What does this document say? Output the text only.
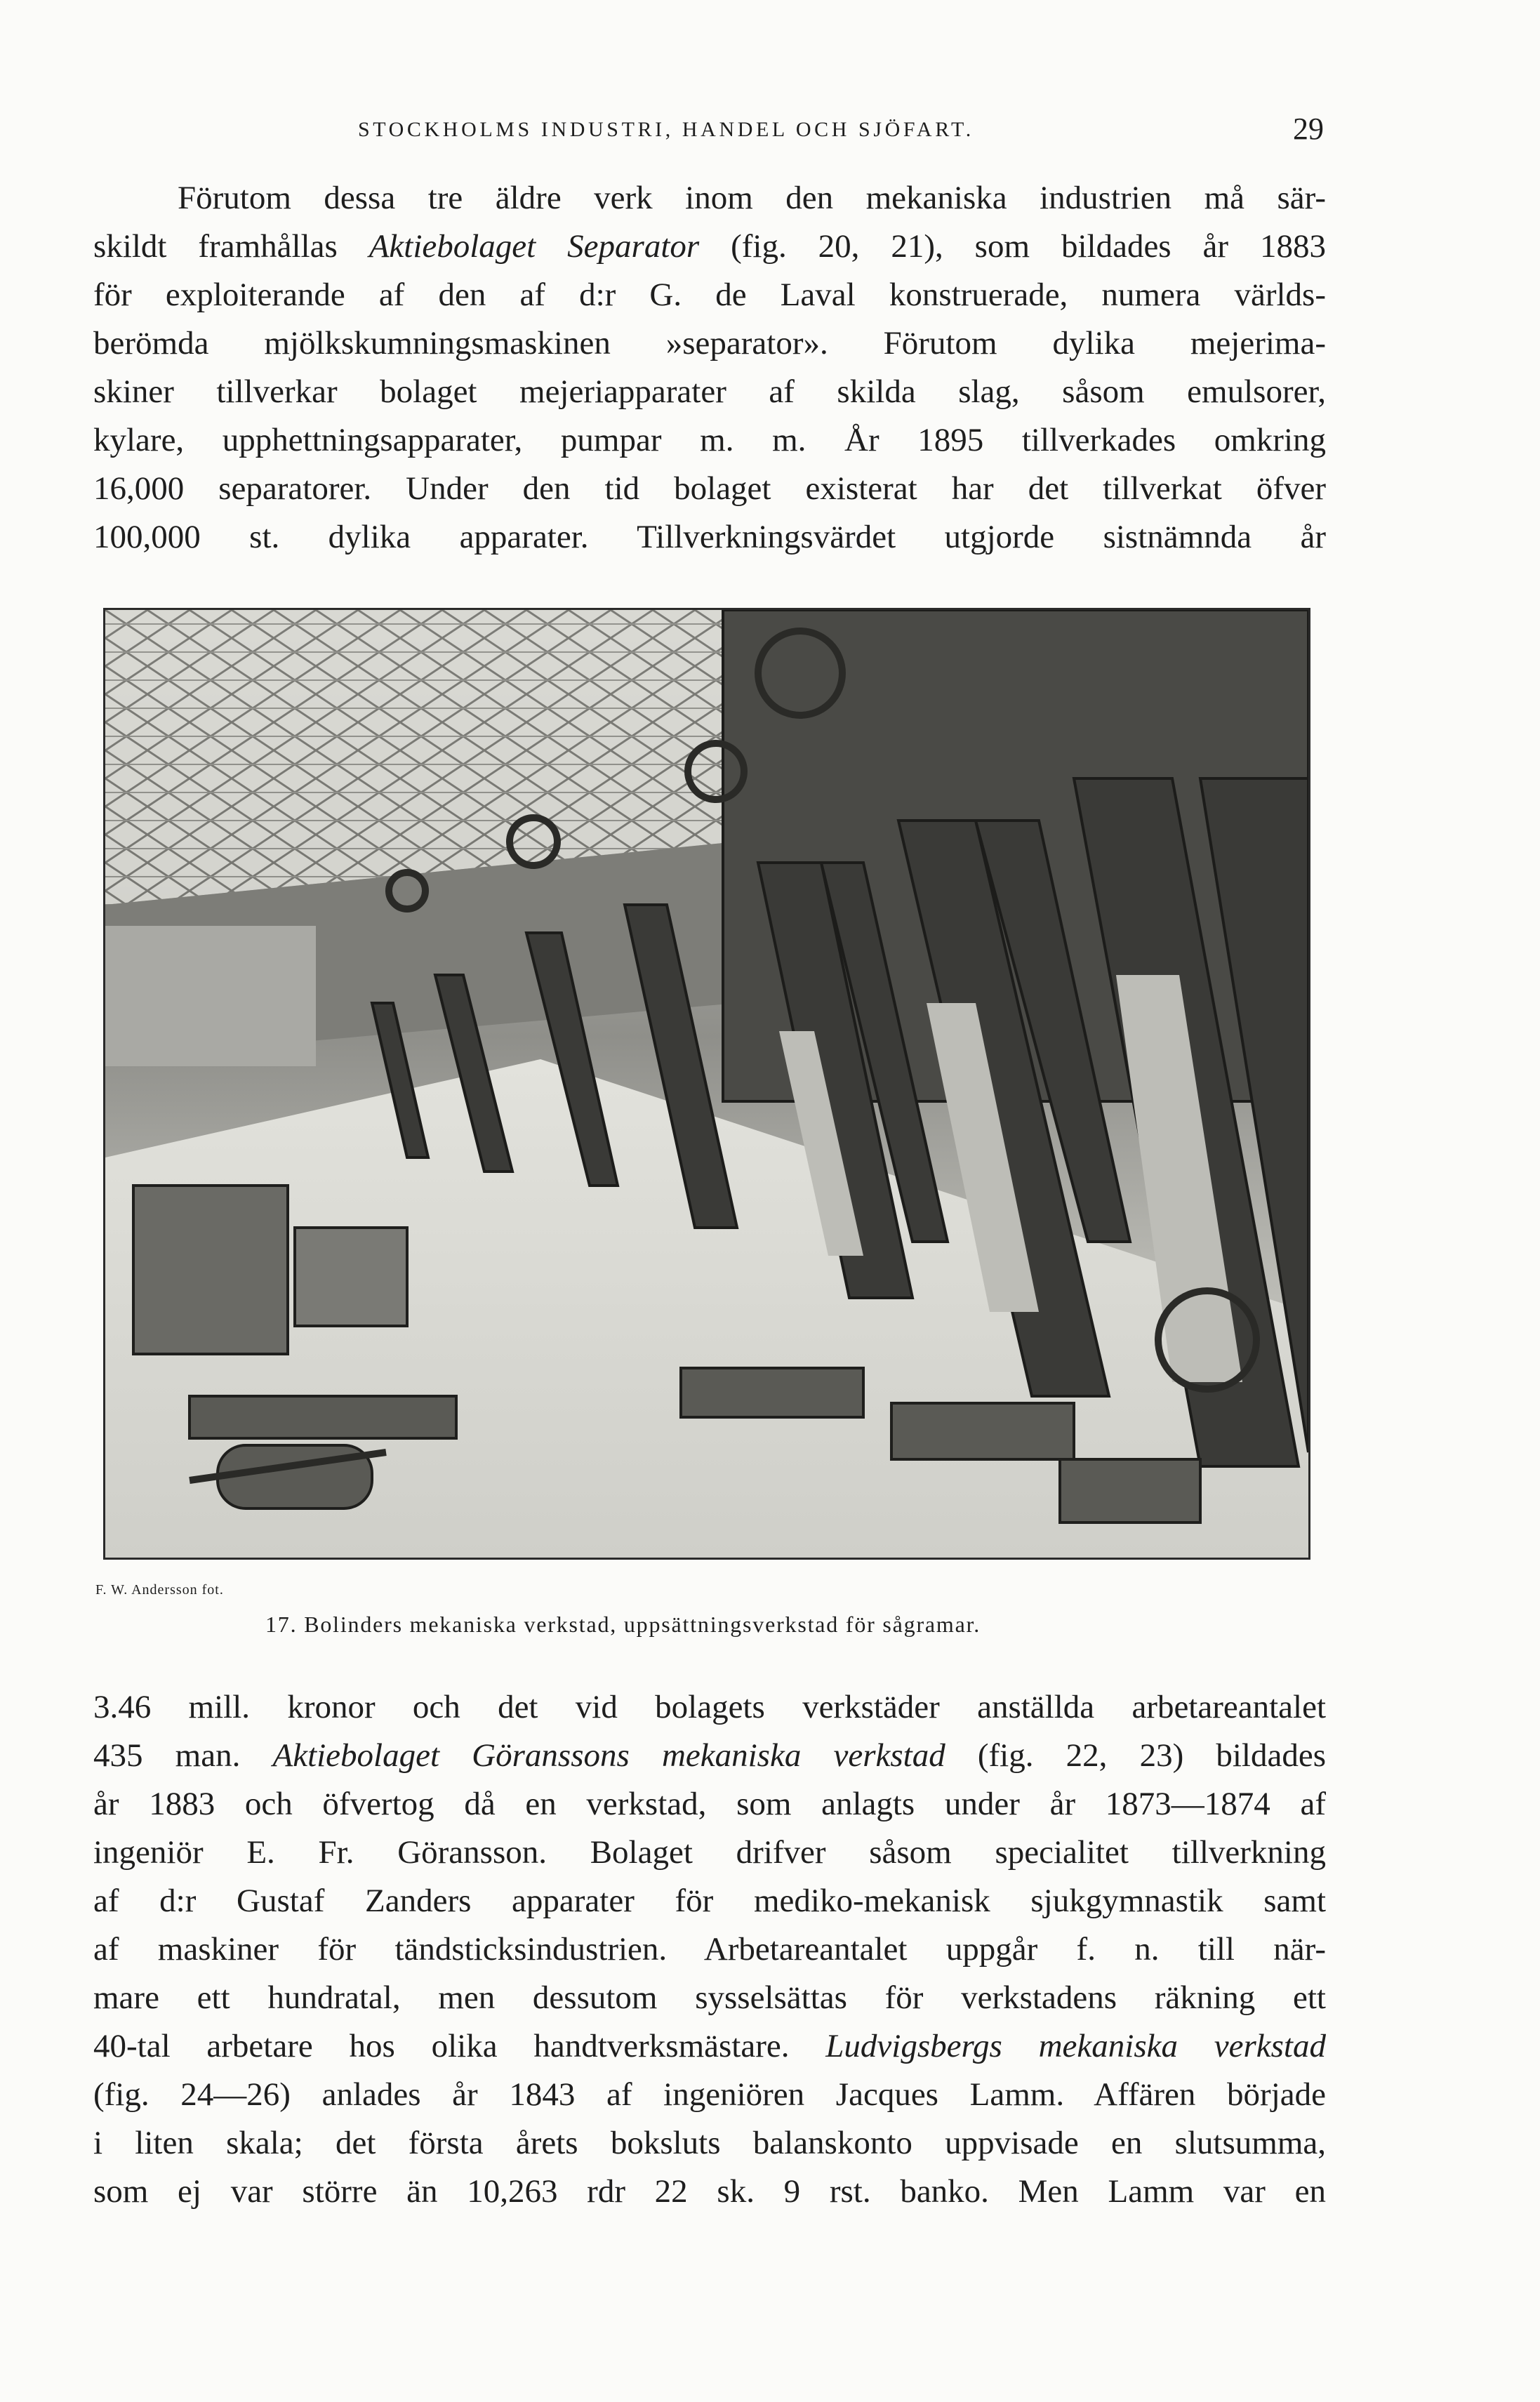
STOCKHOLMS INDUSTRI, HANDEL OCH SJÖFART.	29
Förutom dessa tre äldre verk inom den mekaniska industrien må sär-
skildt framhållas Aktiebolaget Separator (fig. 20, 21), som bildades år 1883
för exploiterande af den af d:r G. de Laval konstruerade, numera världs-
berömda mjölkskumningsmaskinen »separator». Förutom dylika mejerima-
skiner tillverkar bolaget mejeriapparater af skilda slag, såsom emulsorer,
kylare, upphettningsapparater, pumpar m. m. År 1895 tillverkades omkring
16,000 separatorer. Under den tid bolaget existerat har det tillverkat öfver
100,000 st. dylika apparater. Tillverkningsvärdet utgjorde sistnämnda år
F. W. Andersson fot.
17. Bolinders mekaniska verkstad, uppsättningsverkstad för sågramar.
3.46 mill. kronor och det vid bolagets verkstäder anställda arbetareantalet
435 man. Aktiebolaget Göranssons mekaniska verkstad (fig. 22, 23) bildades
år 1883 och öfvertog då en verkstad, som anlagts under år 1873—1874 af
ingeniör E. Fr. Göransson. Bolaget drifver såsom specialitet tillverkning
af d:r Gustaf Zanders apparater för mediko-mekanisk sjukgymnastik samt
af maskiner för tändsticksindustrien. Arbetareantalet uppgår f. n. till när-
mare ett hundratal, men dessutom sysselsättas för verkstadens räkning ett
40-tal arbetare hos olika handtverksmästare. Ludvigsbergs mekaniska verkstad
(fig. 24—26) anlades år 1843 af ingeniören Jacques Lamm. Affären började
i liten skala; det första årets boksluts balanskonto uppvisade en slutsumma,
som ej var större än 10,263 rdr 22 sk. 9 rst. banko. Men Lamm var en
